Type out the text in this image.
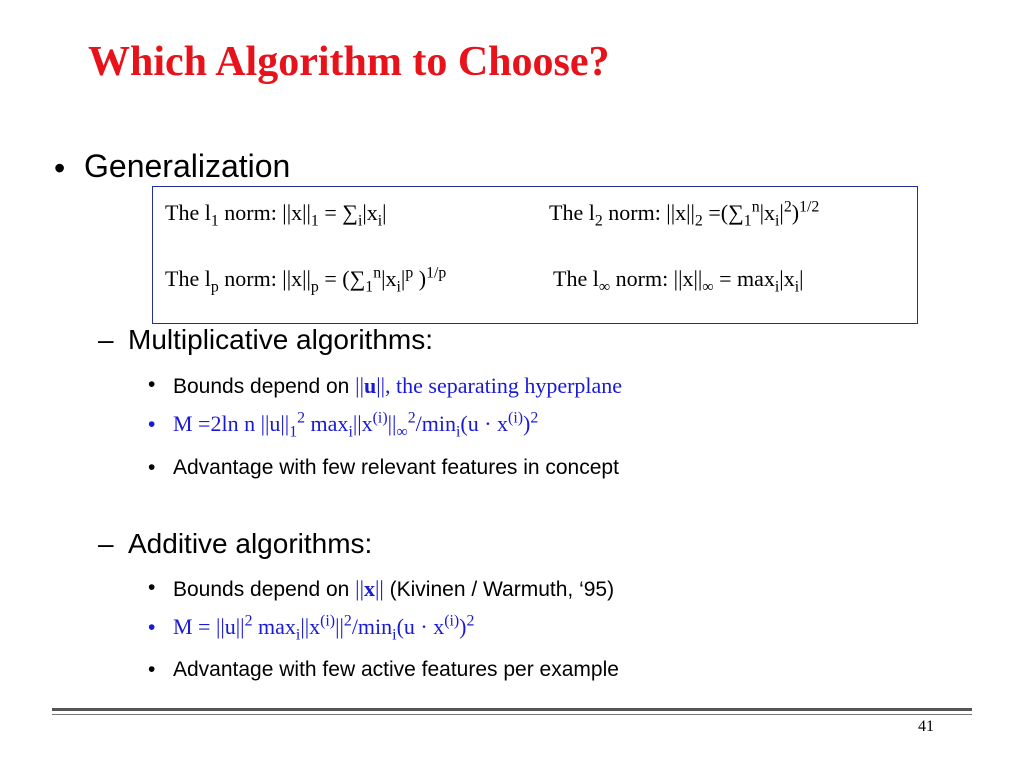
Which Algorithm to Choose?
• Generalization
The $l_1$ norm: $||x||_1 = \sum_i|x_i|$	The $l_2$ norm: $||x||_2 =(\sum_1^n|x_i|^2)^{1/2}$
The $l_p$ norm: $||x||_p = (\sum_1^n|x_i|^p$ )$^{1/p}$	The $l_\infty$ norm: $||x||_\infty = \max_i|x_i|$
– Multiplicative algorithms:
• Bounds depend on ||u||, the separating hyperplane
• M =2ln n $||u||_1^2$ $\max_i||x^{(i)}||_\infty^2/\min_i(u \cdot x^{(i)})^2$
• Advantage with few relevant features in concept
– Additive algorithms:
• Bounds depend on ||x|| (Kivinen / Warmuth, ‘95)
• $M = ||u||^2$ $\max_i||x^{(i)}||^2/\min_i(u \cdot x^{(i)})^2$
• Advantage with few active features per example
41
